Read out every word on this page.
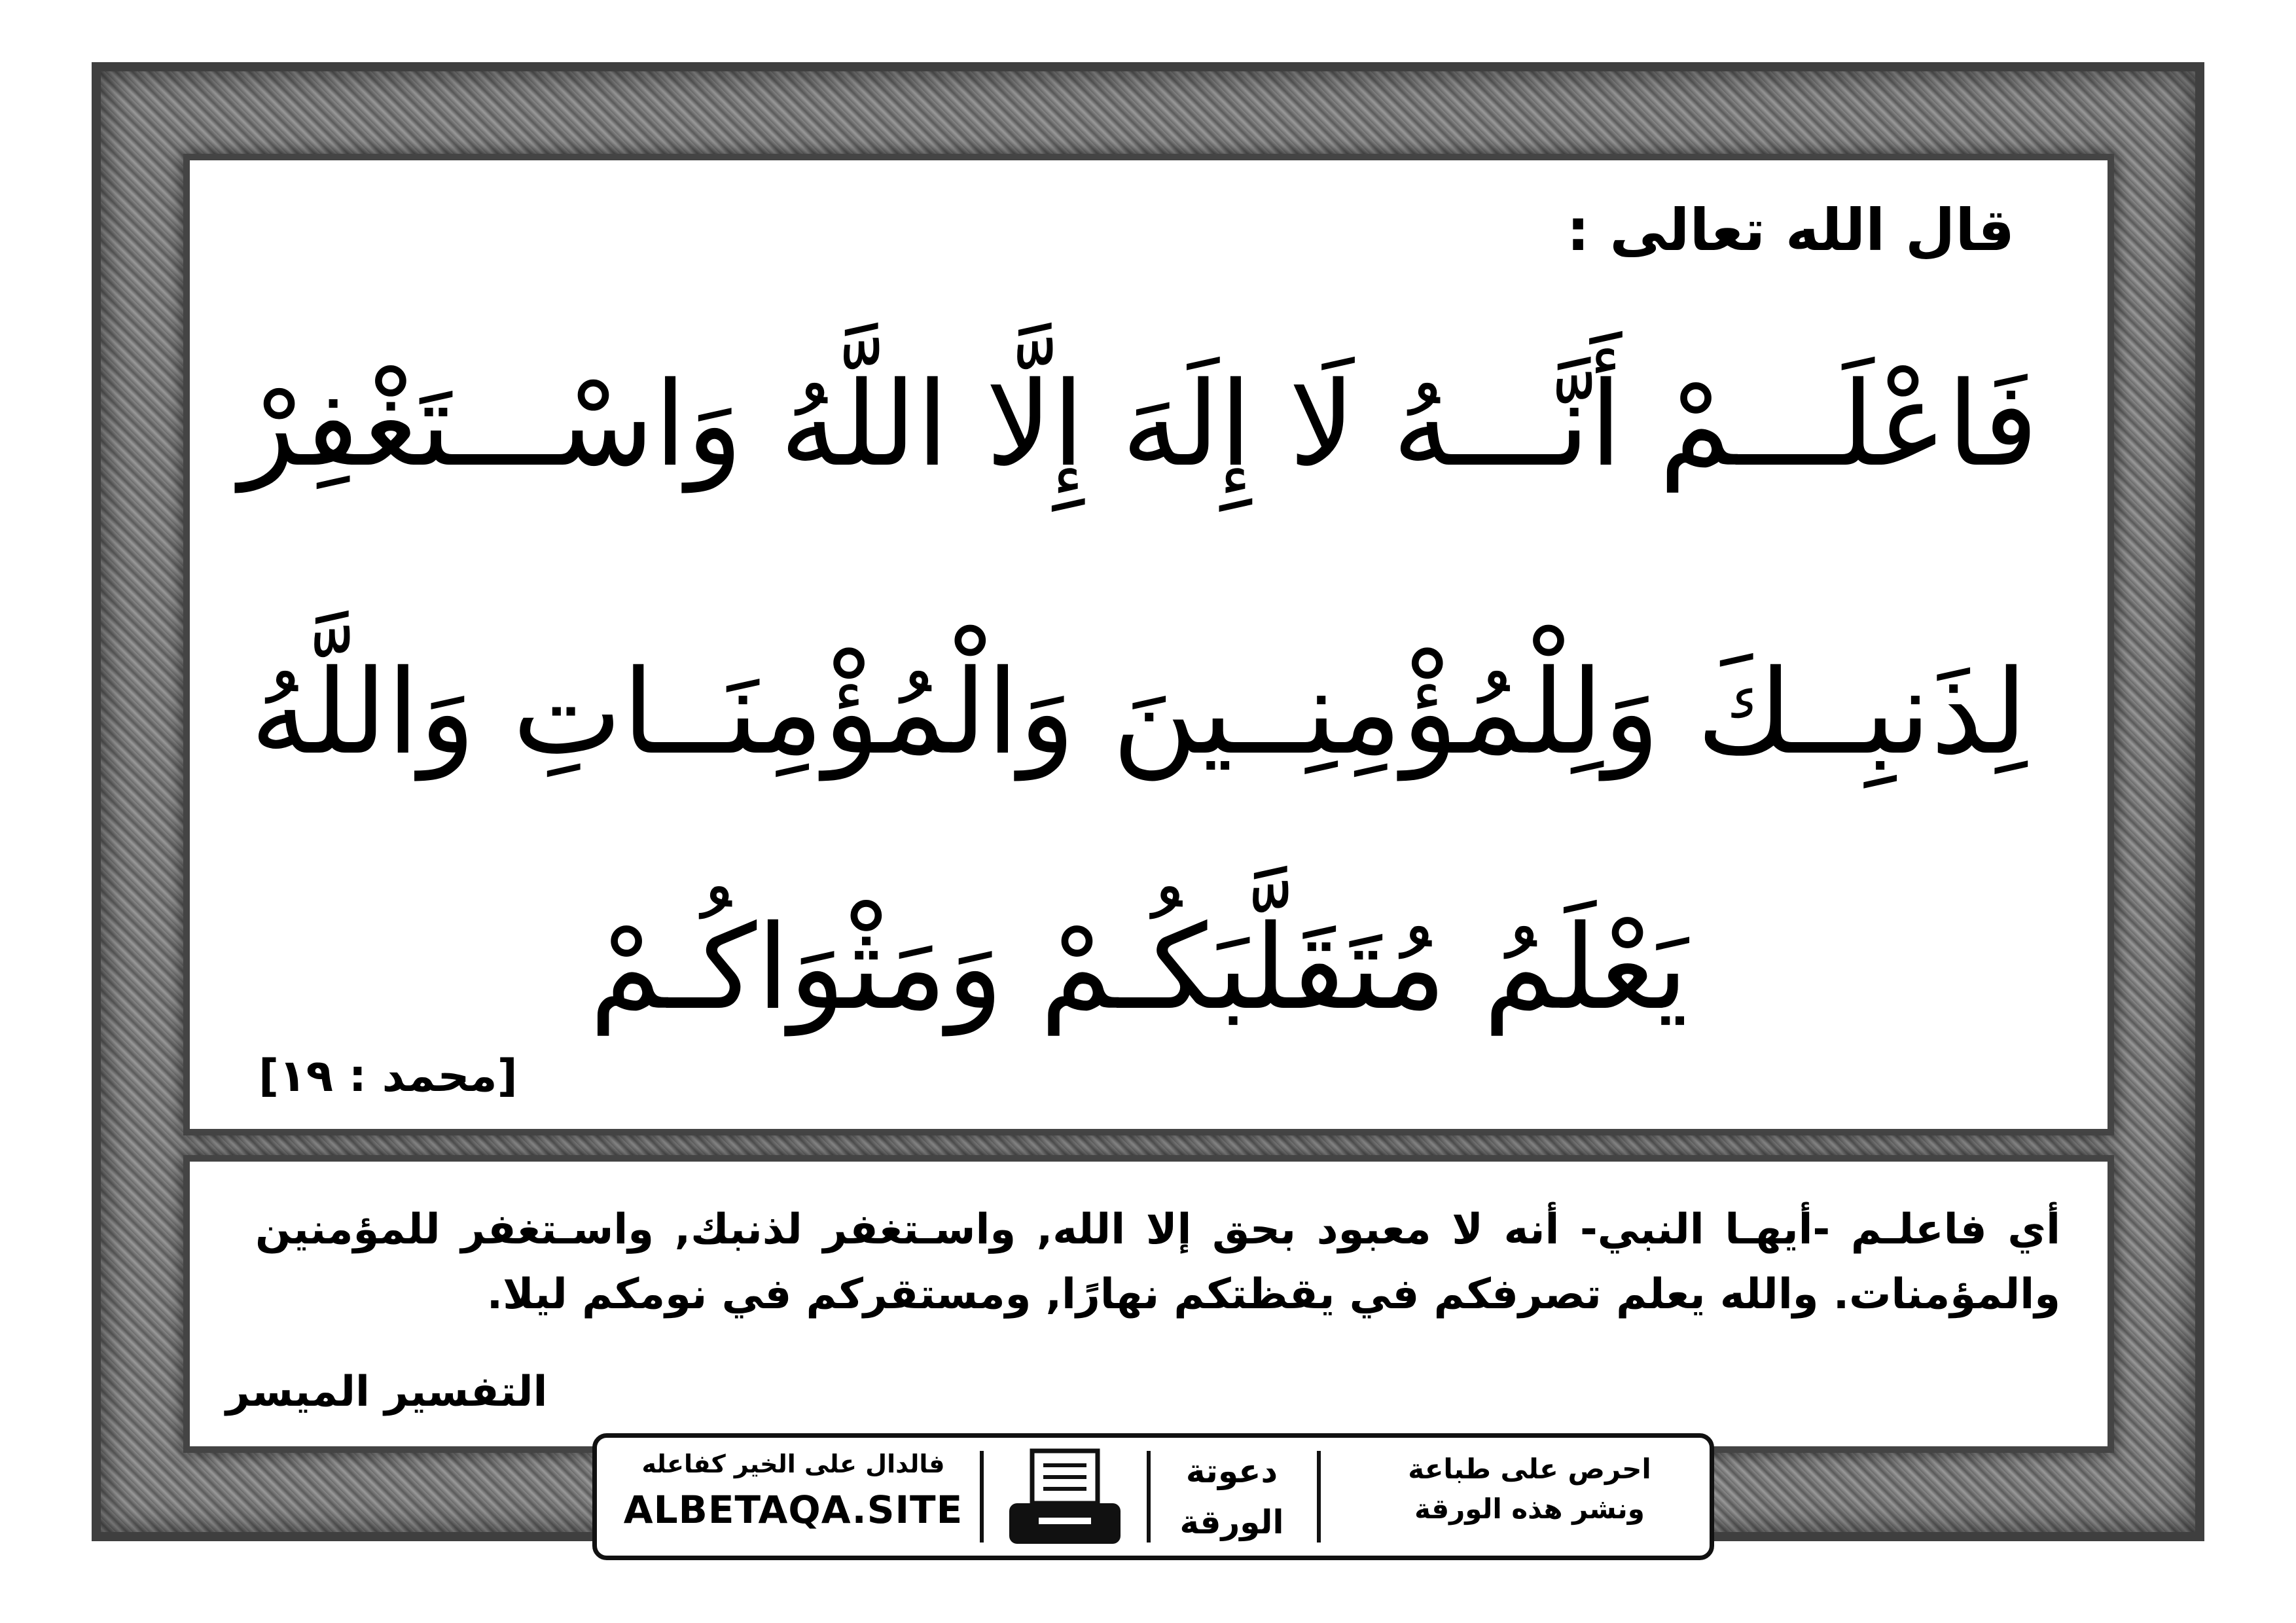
قال الله تعالى :
فَاعْلَـــمْ أَنَّـــهُ لَا إِلَهَ إِلَّا اللَّهُ وَاسْـــتَغْفِرْ
لِذَنبِــكَ وَلِلْمُؤْمِنِــينَ وَالْمُؤْمِنَــاتِ وَاللَّهُ
يَعْلَمُ مُتَقَلَّبَكُـمْ وَمَثْوَاكُـمْ
[محمد : ١٩]
أي فاعلـم -أيهـا النبي- أنه لا معبود بحق إلا الله, واسـتغفر لذنبك, واسـتغفر للمؤمنين والمؤمنات. والله يعلم تصرفكم في يقظتكم نهارًا, ومستقركم في نومكم ليلا.
التفسير الميسر
فالدال على الخير كفاعله
ALBETAQA.SITE
دعوتة
الورقة
احرص على طباعة
ونشر هذه الورقة
